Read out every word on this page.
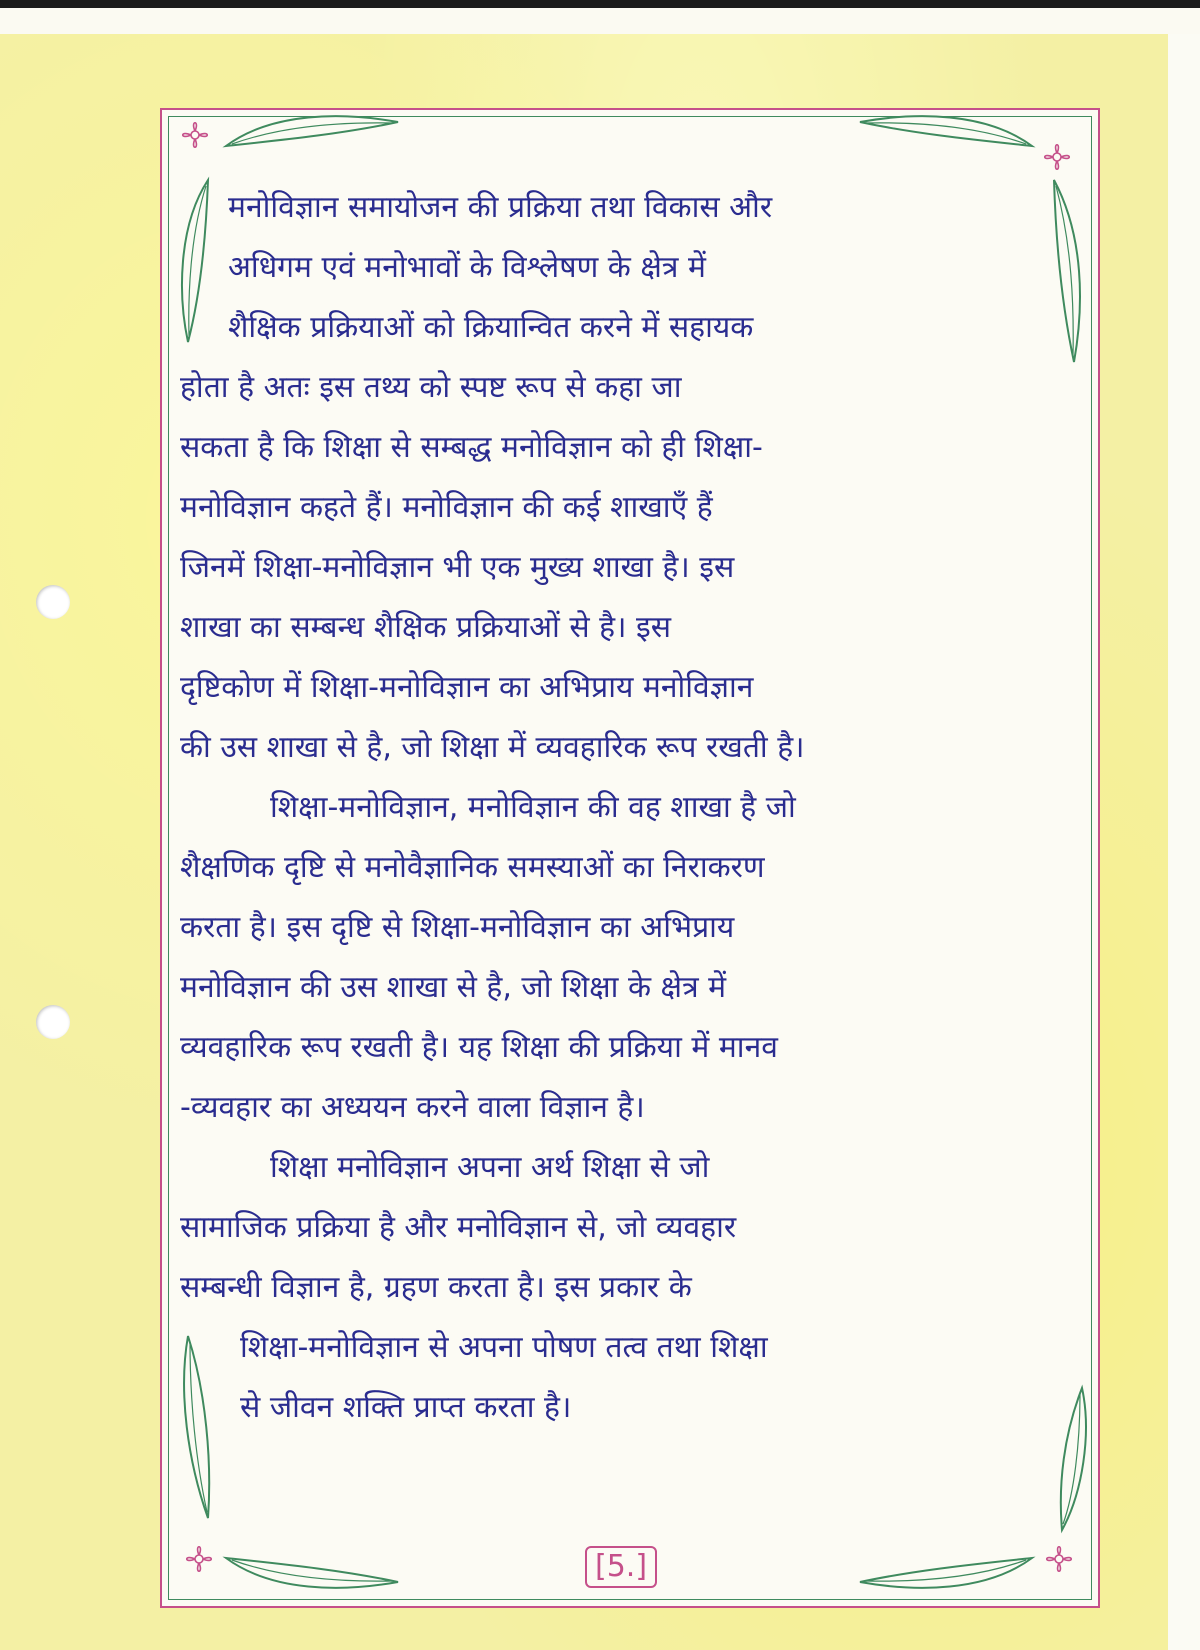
मनोविज्ञान समायोजन की प्रक्रिया तथा विकास और
अधिगम एवं मनोभावों के विश्लेषण के क्षेत्र में
शैक्षिक प्रक्रियाओं को क्रियान्वित करने में सहायक
होता है अतः इस तथ्य को स्पष्ट रूप से कहा जा
सकता है कि शिक्षा से सम्बद्ध मनोविज्ञान को ही शिक्षा-
मनोविज्ञान कहते हैं। मनोविज्ञान की कई शाखाएँ हैं
जिनमें शिक्षा-मनोविज्ञान भी एक मुख्य शाखा है। इस
शाखा का सम्बन्ध शैक्षिक प्रक्रियाओं से है। इस
दृष्टिकोण में शिक्षा-मनोविज्ञान का अभिप्राय मनोविज्ञान
की उस शाखा से है, जो शिक्षा में व्यवहारिक रूप रखती है।
शिक्षा-मनोविज्ञान, मनोविज्ञान की वह शाखा है जो
शैक्षणिक दृष्टि से मनोवैज्ञानिक समस्याओं का निराकरण
करता है। इस दृष्टि से शिक्षा-मनोविज्ञान का अभिप्राय
मनोविज्ञान की उस शाखा से है, जो शिक्षा के क्षेत्र में
व्यवहारिक रूप रखती है। यह शिक्षा की प्रक्रिया में मानव
-व्यवहार का अध्ययन करने वाला विज्ञान है।
शिक्षा मनोविज्ञान अपना अर्थ शिक्षा से जो
सामाजिक प्रक्रिया है और मनोविज्ञान से, जो व्यवहार
सम्बन्धी विज्ञान है, ग्रहण करता है। इस प्रकार के
शिक्षा-मनोविज्ञान से अपना पोषण तत्व तथा शिक्षा
से जीवन शक्ति प्राप्त करता है।
[5.]
